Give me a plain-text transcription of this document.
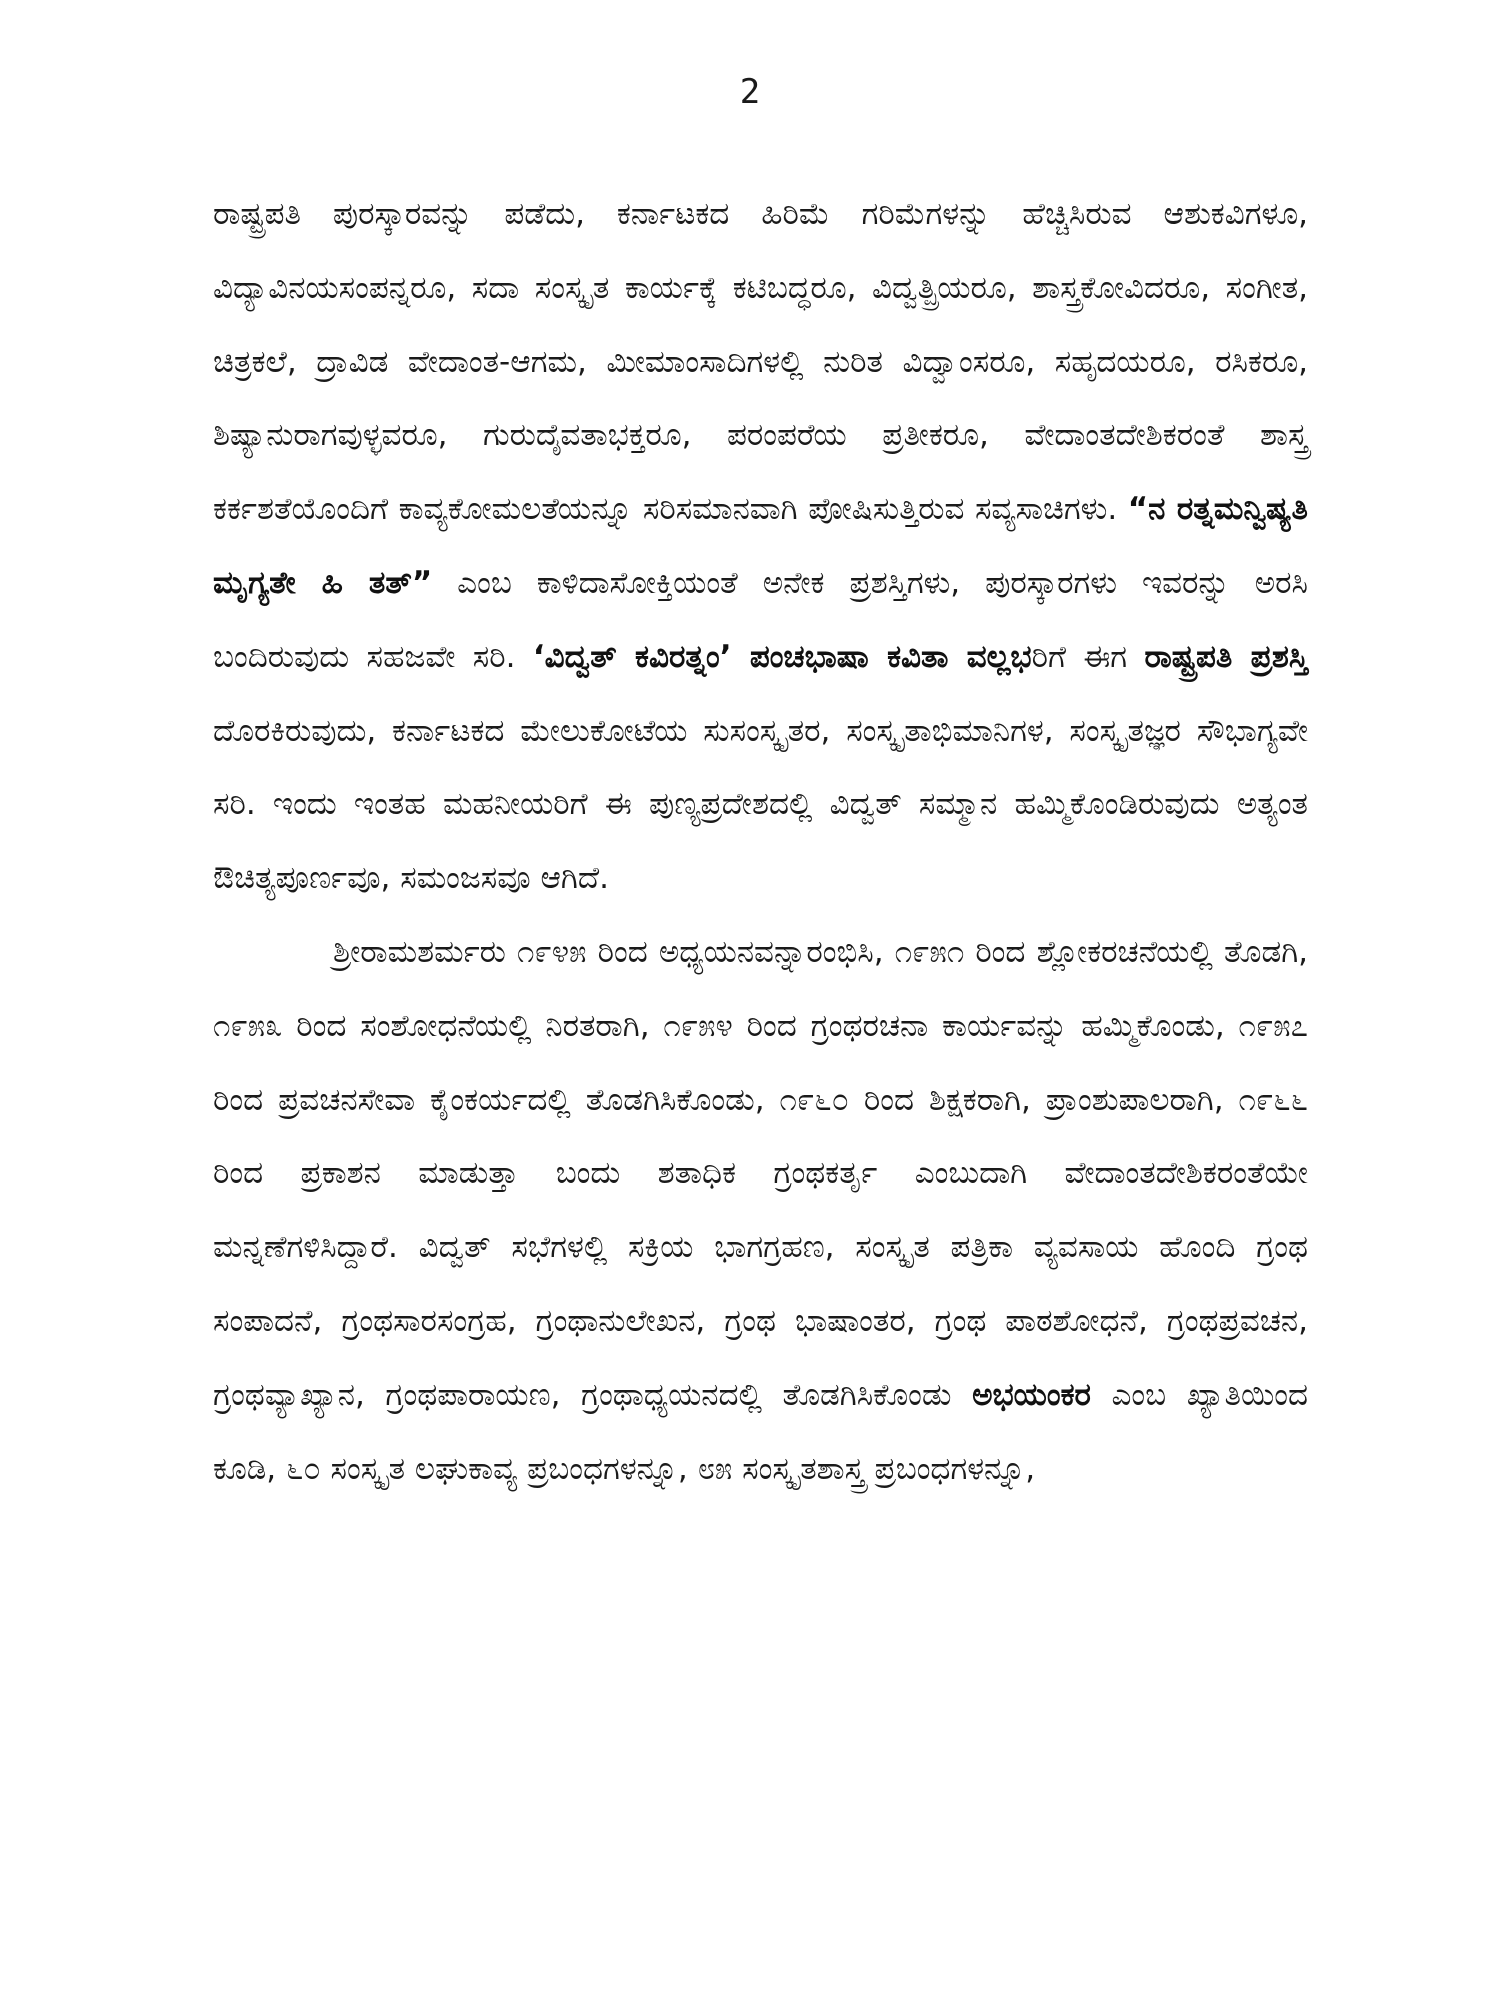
2

ರಾಷ್ಟ್ರಪತಿ ಪುರಸ್ಕಾರವನ್ನು ಪಡೆದು, ಕರ್ನಾಟಕದ ಹಿರಿಮೆ ಗರಿಮೆಗಳನ್ನು ಹೆಚ್ಚಿಸಿರುವ ಆಶುಕವಿಗಳೂ, ವಿದ್ಯಾವಿನಯಸಂಪನ್ನರೂ, ಸದಾ ಸಂಸ್ಕೃತ ಕಾರ್ಯಕ್ಕೆ ಕಟಿಬದ್ಧರೂ, ವಿದ್ವತ್ಪ್ರಿಯರೂ, ಶಾಸ್ತ್ರಕೋವಿದರೂ, ಸಂಗೀತ, ಚಿತ್ರಕಲೆ, ದ್ರಾವಿಡ ವೇದಾಂತ-ಆಗಮ, ಮೀಮಾಂಸಾದಿಗಳಲ್ಲಿ ನುರಿತ ವಿದ್ವಾಂಸರೂ, ಸಹೃದಯರೂ, ರಸಿಕರೂ, ಶಿಷ್ಯಾನುರಾಗವುಳ್ಳವರೂ, ಗುರುದೈವತಾಭಕ್ತರೂ, ಪರಂಪರೆಯ ಪ್ರತೀಕರೂ, ವೇದಾಂತದೇಶಿಕರಂತೆ ಶಾಸ್ತ್ರ ಕರ್ಕಶತೆಯೊಂದಿಗೆ ಕಾವ್ಯಕೋಮಲತೆಯನ್ನೂ ಸರಿಸಮಾನವಾಗಿ ಪೋಷಿಸುತ್ತಿರುವ ಸವ್ಯಸಾಚಿಗಳು. “ನ ರತ್ನಮನ್ವಿಷ್ಯತಿ ಮೃಗ್ಯತೇ ಹಿ ತತ್” ಎಂಬ ಕಾಳಿದಾಸೋಕ್ತಿಯಂತೆ ಅನೇಕ ಪ್ರಶಸ್ತಿಗಳು, ಪುರಸ್ಕಾರಗಳು ಇವರನ್ನು ಅರಸಿ ಬಂದಿರುವುದು ಸಹಜವೇ ಸರಿ. ‘ವಿದ್ವತ್ ಕವಿರತ್ನಂ’ ಪಂಚಭಾಷಾ ಕವಿತಾ ವಲ್ಲಭರಿಗೆ ಈಗ ರಾಷ್ಟ್ರಪತಿ ಪ್ರಶಸ್ತಿ ದೊರಕಿರುವುದು, ಕರ್ನಾಟಕದ ಮೇಲುಕೋಟೆಯ ಸುಸಂಸ್ಕೃತರ, ಸಂಸ್ಕೃತಾಭಿಮಾನಿಗಳ, ಸಂಸ್ಕೃತಜ್ಞರ ಸೌಭಾಗ್ಯವೇ ಸರಿ. ಇಂದು ಇಂತಹ ಮಹನೀಯರಿಗೆ ಈ ಪುಣ್ಯಪ್ರದೇಶದಲ್ಲಿ ವಿದ್ವತ್ ಸಮ್ಮಾನ ಹಮ್ಮಿಕೊಂಡಿರುವುದು ಅತ್ಯಂತ ಔಚಿತ್ಯಪೂರ್ಣವೂ, ಸಮಂಜಸವೂ ಆಗಿದೆ.

ಶ್ರೀರಾಮಶರ್ಮರು ೧೯೪೫ ರಿಂದ ಅಧ್ಯಯನವನ್ನಾರಂಭಿಸಿ, ೧೯೫೧ ರಿಂದ ಶ್ಲೋಕರಚನೆಯಲ್ಲಿ ತೊಡಗಿ, ೧೯೫೩ ರಿಂದ ಸಂಶೋಧನೆಯಲ್ಲಿ ನಿರತರಾಗಿ, ೧೯೫೪ ರಿಂದ ಗ್ರಂಥರಚನಾ ಕಾರ್ಯವನ್ನು ಹಮ್ಮಿಕೊಂಡು, ೧೯೫೭ ರಿಂದ ಪ್ರವಚನಸೇವಾ ಕೈಂಕರ್ಯದಲ್ಲಿ ತೊಡಗಿಸಿಕೊಂಡು, ೧೯೬೦ ರಿಂದ ಶಿಕ್ಷಕರಾಗಿ, ಪ್ರಾಂಶುಪಾಲರಾಗಿ, ೧೯೬೬ ರಿಂದ ಪ್ರಕಾಶನ ಮಾಡುತ್ತಾ ಬಂದು ಶತಾಧಿಕ ಗ್ರಂಥಕರ್ತೃ ಎಂಬುದಾಗಿ ವೇದಾಂತದೇಶಿಕರಂತೆಯೇ ಮನ್ನಣೆಗಳಿಸಿದ್ದಾರೆ. ವಿದ್ವತ್ ಸಭೆಗಳಲ್ಲಿ ಸಕ್ರಿಯ ಭಾಗಗ್ರಹಣ, ಸಂಸ್ಕೃತ ಪತ್ರಿಕಾ ವ್ಯವಸಾಯ ಹೊಂದಿ ಗ್ರಂಥ ಸಂಪಾದನೆ, ಗ್ರಂಥಸಾರಸಂಗ್ರಹ, ಗ್ರಂಥಾನುಲೇಖನ, ಗ್ರಂಥ ಭಾಷಾಂತರ, ಗ್ರಂಥ ಪಾಠಶೋಧನೆ, ಗ್ರಂಥಪ್ರವಚನ, ಗ್ರಂಥವ್ಯಾಖ್ಯಾನ, ಗ್ರಂಥಪಾರಾಯಣ, ಗ್ರಂಥಾಧ್ಯಯನದಲ್ಲಿ ತೊಡಗಿಸಿಕೊಂಡು ಅಭಯಂಕರ ಎಂಬ ಖ್ಯಾತಿಯಿಂದ ಕೂಡಿ, ೬೦ ಸಂಸ್ಕೃತ ಲಘುಕಾವ್ಯ ಪ್ರಬಂಧಗಳನ್ನೂ, ೮೫ ಸಂಸ್ಕೃತಶಾಸ್ತ್ರ ಪ್ರಬಂಧಗಳನ್ನೂ,
